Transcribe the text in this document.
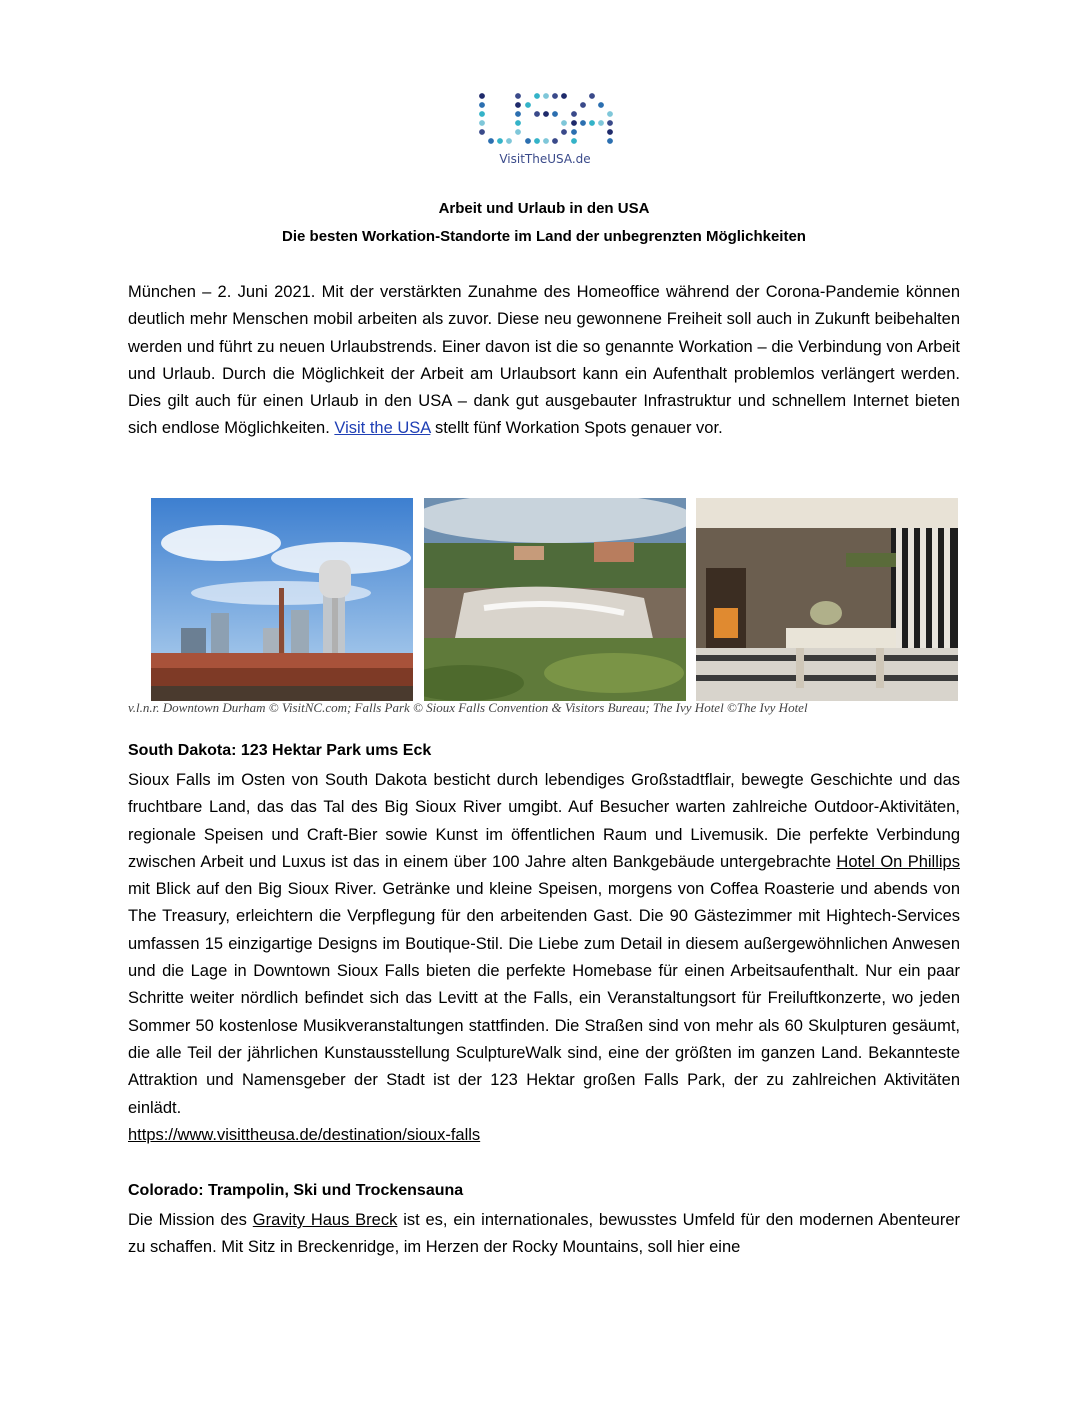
VisitTheUSA.de
Arbeit und Urlaub in den USA
Die besten Workation-Standorte im Land der unbegrenzten Möglichkeiten
München – 2. Juni 2021. Mit der verstärkten Zunahme des Homeoffice während der Corona-Pandemie können deutlich mehr Menschen mobil arbeiten als zuvor. Diese neu gewonnene Freiheit soll auch in Zukunft beibehalten werden und führt zu neuen Urlaubstrends. Einer davon ist die so genannte Workation – die Verbindung von Arbeit und Urlaub. Durch die Möglichkeit der Arbeit am Urlaubsort kann ein Aufenthalt problemlos verlängert werden. Dies gilt auch für einen Urlaub in den USA – dank gut ausgebauter Infrastruktur und schnellem Internet bieten sich endlose Möglichkeiten. Visit the USA stellt fünf Workation Spots genauer vor.
v.l.n.r. Downtown Durham © VisitNC.com; Falls Park © Sioux Falls Convention & Visitors Bureau; The Ivy Hotel ©The Ivy Hotel
South Dakota: 123 Hektar Park ums Eck
Sioux Falls im Osten von South Dakota besticht durch lebendiges Großstadtflair, bewegte Geschichte und das fruchtbare Land, das das Tal des Big Sioux River umgibt. Auf Besucher warten zahlreiche Outdoor-Aktivitäten, regionale Speisen und Craft-Bier sowie Kunst im öffentlichen Raum und Livemusik. Die perfekte Verbindung zwischen Arbeit und Luxus ist das in einem über 100 Jahre alten Bankgebäude untergebrachte Hotel On Phillips mit Blick auf den Big Sioux River. Getränke und kleine Speisen, morgens von Coffea Roasterie und abends von The Treasury, erleichtern die Verpflegung für den arbeitenden Gast. Die 90 Gästezimmer mit Hightech-Services umfassen 15 einzigartige Designs im Boutique-Stil. Die Liebe zum Detail in diesem außergewöhnlichen Anwesen und die Lage in Downtown Sioux Falls bieten die perfekte Homebase für einen Arbeitsaufenthalt. Nur ein paar Schritte weiter nördlich befindet sich das Levitt at the Falls, ein Veranstaltungsort für Freiluftkonzerte, wo jeden Sommer 50 kostenlose Musikveranstaltungen stattfinden. Die Straßen sind von mehr als 60 Skulpturen gesäumt, die alle Teil der jährlichen Kunstausstellung SculptureWalk sind, eine der größten im ganzen Land. Bekannteste Attraktion und Namensgeber der Stadt ist der 123 Hektar großen Falls Park, der zu zahlreichen Aktivitäten einlädt.
https://www.visittheusa.de/destination/sioux-falls
Colorado: Trampolin, Ski und Trockensauna
Die Mission des Gravity Haus Breck ist es, ein internationales, bewusstes Umfeld für den modernen Abenteurer zu schaffen. Mit Sitz in Breckenridge, im Herzen der Rocky Mountains, soll hier eine
